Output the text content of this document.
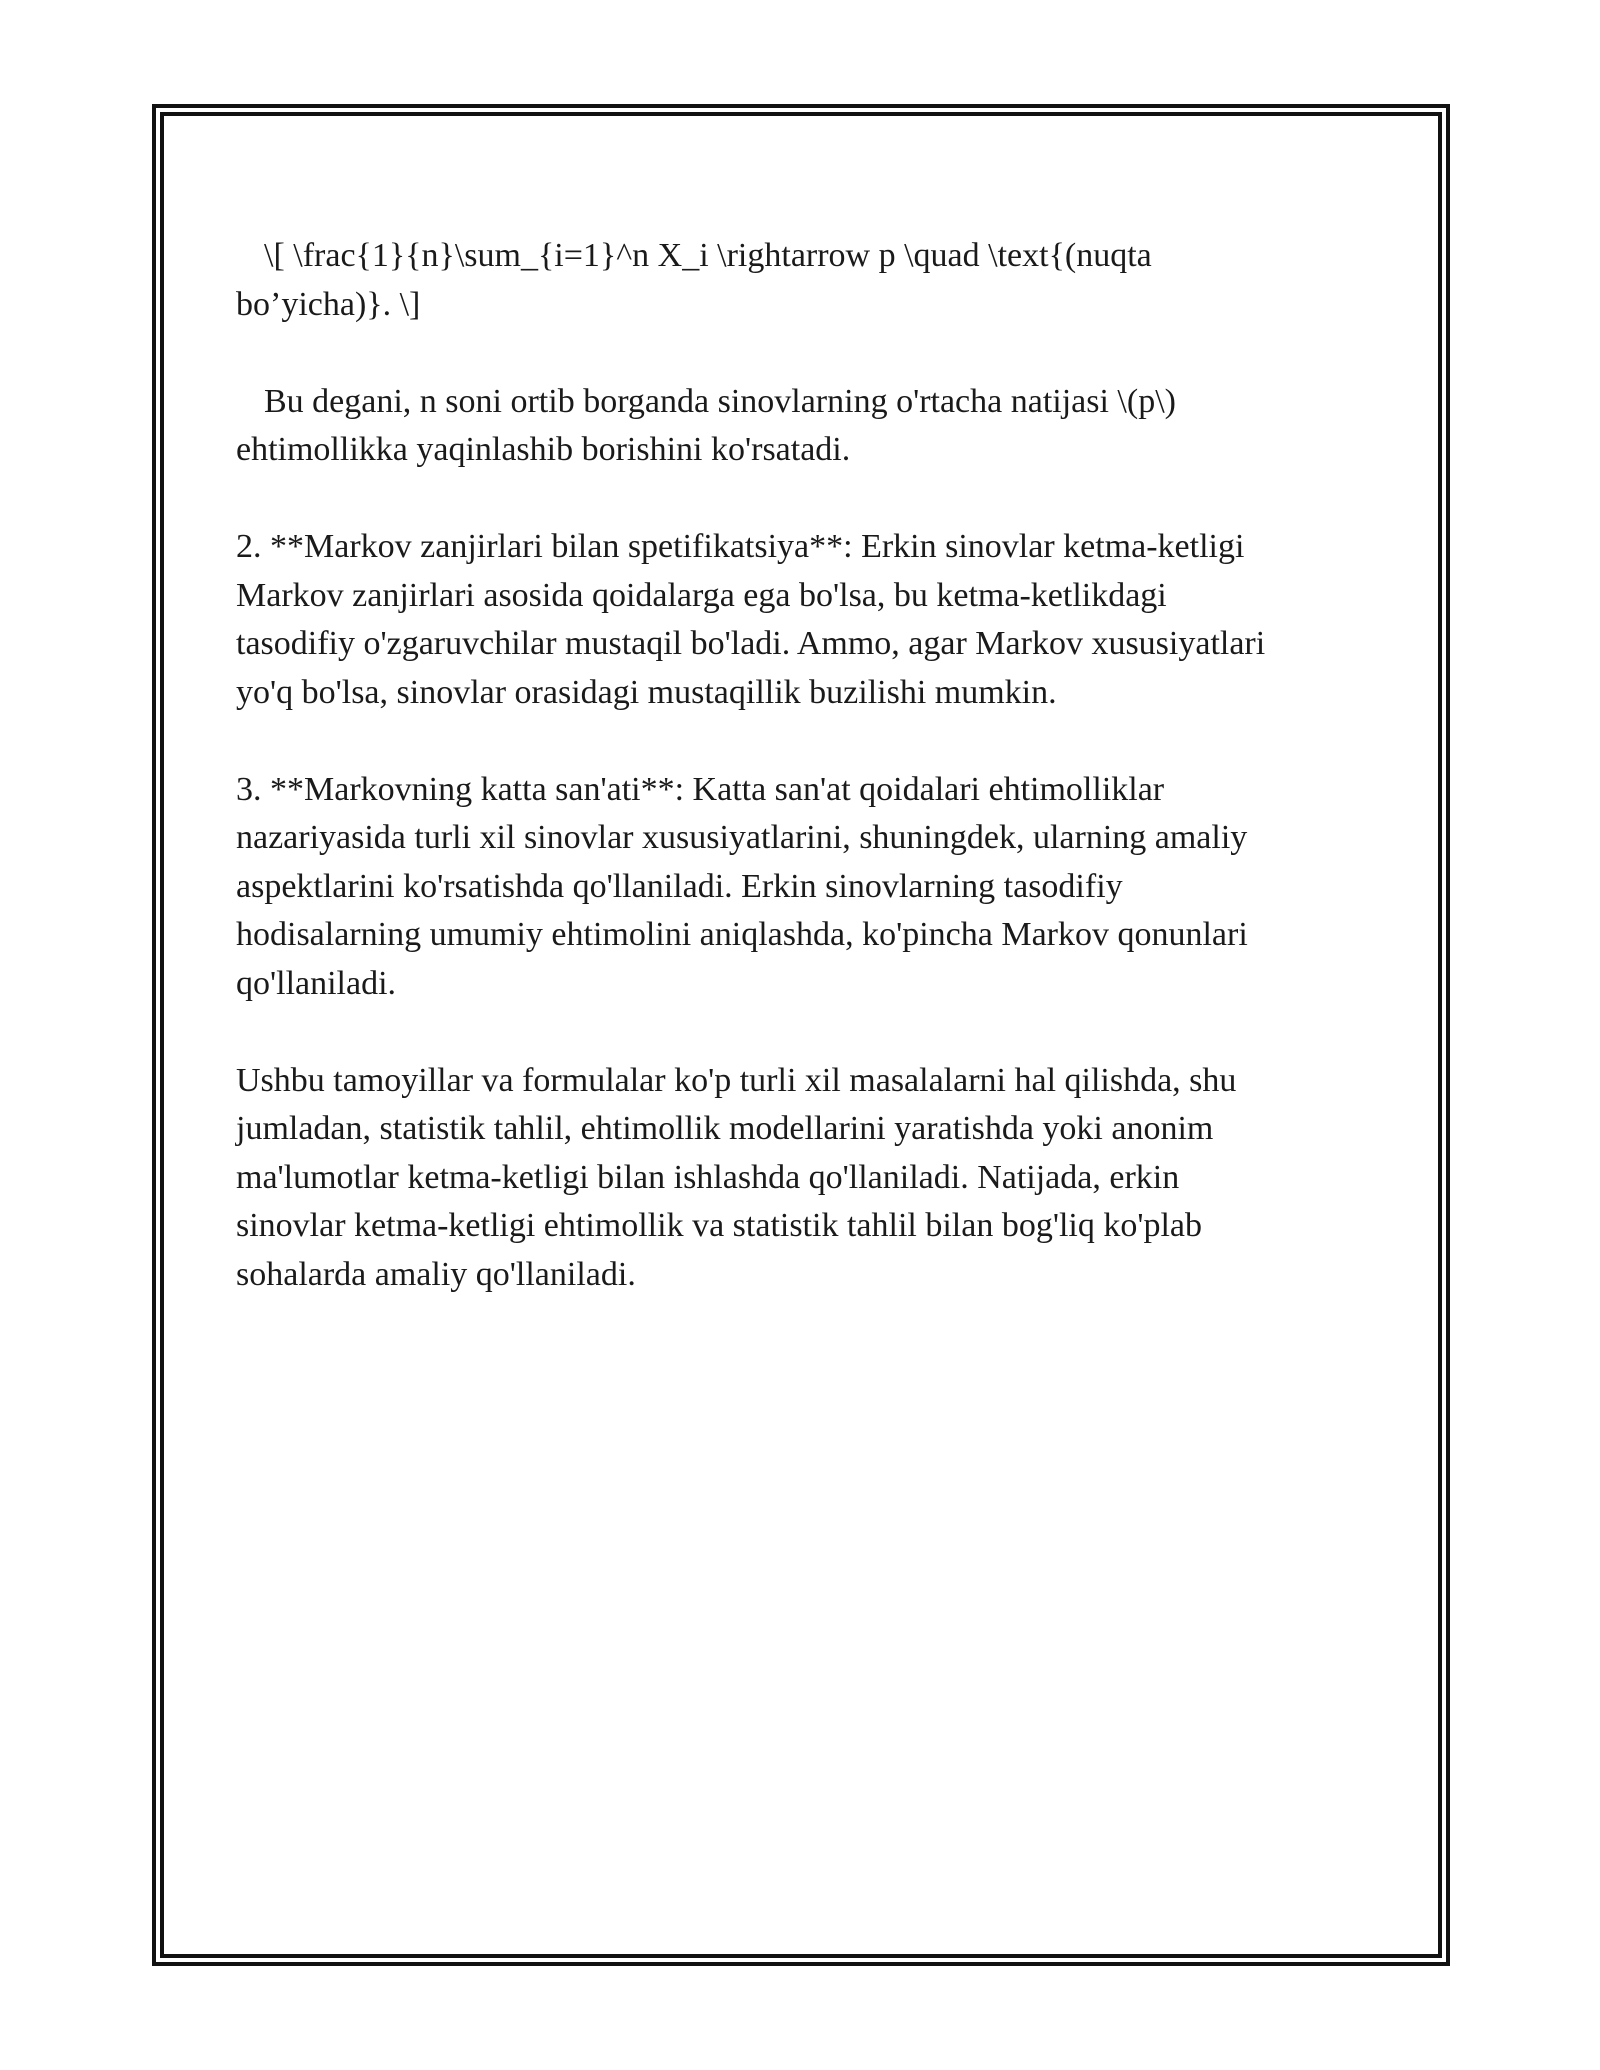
\[ \frac{1}{n}\sum_{i=1}^n X_i \rightarrow p \quad \text{(nuqta
bo’yicha)}. \]

Bu degani, n soni ortib borganda sinovlarning o'rtacha natijasi \(p\)
ehtimollikka yaqinlashib borishini ko'rsatadi.

2. **Markov zanjirlari bilan spetifikatsiya**: Erkin sinovlar ketma-ketligi
Markov zanjirlari asosida qoidalarga ega bo'lsa, bu ketma-ketlikdagi
tasodifiy o'zgaruvchilar mustaqil bo'ladi. Ammo, agar Markov xususiyatlari
yo'q bo'lsa, sinovlar orasidagi mustaqillik buzilishi mumkin.

3. **Markovning katta san'ati**: Katta san'at qoidalari ehtimolliklar
nazariyasida turli xil sinovlar xususiyatlarini, shuningdek, ularning amaliy
aspektlarini ko'rsatishda qo'llaniladi. Erkin sinovlarning tasodifiy
hodisalarning umumiy ehtimolini aniqlashda, ko'pincha Markov qonunlari
qo'llaniladi.

Ushbu tamoyillar va formulalar ko'p turli xil masalalarni hal qilishda, shu
jumladan, statistik tahlil, ehtimollik modellarini yaratishda yoki anonim
ma'lumotlar ketma-ketligi bilan ishlashda qo'llaniladi. Natijada, erkin
sinovlar ketma-ketligi ehtimollik va statistik tahlil bilan bog'liq ko'plab
sohalarda amaliy qo'llaniladi.
